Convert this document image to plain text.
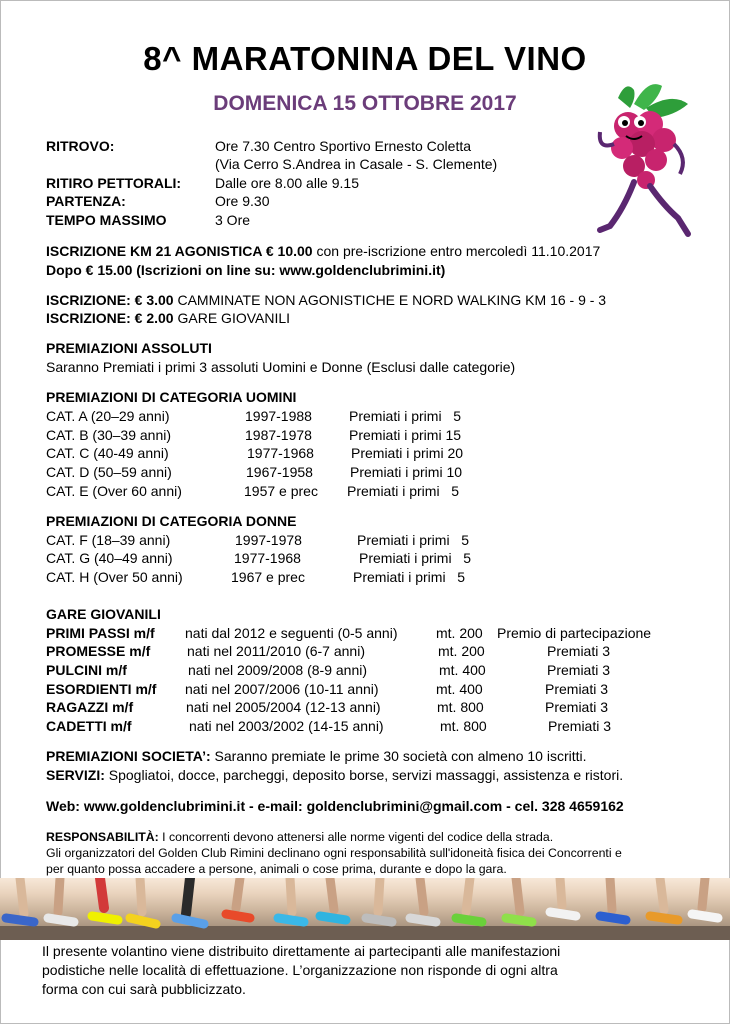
8^ MARATONINA DEL VINO
DOMENICA 15 OTTOBRE 2017
RITROVO:	Ore 7.30 Centro Sportivo Ernesto Coletta
(Via Cerro S.Andrea in Casale - S. Clemente)
RITIRO PETTORALI: Dalle ore 8.00 alle 9.15
PARTENZA:	Ore 9.30
TEMPO MASSIMO	3 Ore
ISCRIZIONE KM 21 AGONISTICA € 10.00 con pre-iscrizione entro mercoledì 11.10.2017
Dopo € 15.00 (Iscrizioni on line su: www.goldenclubrimini.it)
ISCRIZIONE: € 3.00 CAMMINATE NON AGONISTICHE E NORD WALKING KM 16 - 9 - 3
ISCRIZIONE: € 2.00 GARE GIOVANILI
PREMIAZIONI ASSOLUTI
Saranno Premiati i primi 3 assoluti Uomini e Donne (Esclusi dalle categorie)
PREMIAZIONI DI CATEGORIA UOMINI
CAT. A (20–29 anni)	1997-1988	Premiati i primi   5
CAT. B (30–39 anni)	1987-1978	Premiati i primi 15
CAT. C (40-49 anni)	1977-1968	Premiati i primi 20
CAT. D (50–59 anni)	1967-1958	Premiati i primi 10
CAT. E (Over 60 anni)	1957 e prec Premiati i primi   5
PREMIAZIONI DI CATEGORIA DONNE
CAT. F (18–39 anni)	1997-1978	Premiati i primi   5
CAT. G (40–49 anni)	1977-1968	Premiati i primi   5
CAT. H (Over 50 anni)	1967 e prec	Premiati i primi   5
GARE GIOVANILI
PRIMI PASSI m/f nati dal 2012 e seguenti (0-5 anni)	mt. 200 Premio di partecipazione
PROMESSE m/f	nati nel 2011/2010 (6-7 anni)	mt. 200	Premiati 3
PULCINI m/f	nati nel 2009/2008 (8-9 anni)	mt. 400	Premiati 3
ESORDIENTI m/f nati nel 2007/2006 (10-11 anni)	mt. 400	Premiati 3
RAGAZZI m/f	nati nel 2005/2004 (12-13 anni)	mt. 800	Premiati 3
CADETTI m/f	nati nel 2003/2002 (14-15 anni)	mt. 800	Premiati 3
PREMIAZIONI SOCIETA’: Saranno premiate le prime 30 società con almeno 10 iscritti.
SERVIZI: Spogliatoi, docce, parcheggi, deposito borse, servizi massaggi, assistenza e ristori.
Web: www.goldenclubrimini.it - e-mail: goldenclubrimini@gmail.com - cel. 328 4659162
RESPONSABILITÀ: I concorrenti devono attenersi alle norme vigenti del codice della strada.
Gli organizzatori del Golden Club Rimini declinano ogni responsabilità sull'idoneità fisica dei Concorrenti e
per quanto possa accadere a persone, animali o cose prima, durante e dopo la gara.
Il presente volantino viene distribuito direttamente ai partecipanti alle manifestazioni
podistiche nelle località di effettuazione. L’organizzazione non risponde di ogni altra
forma con cui sarà pubblicizzato.
